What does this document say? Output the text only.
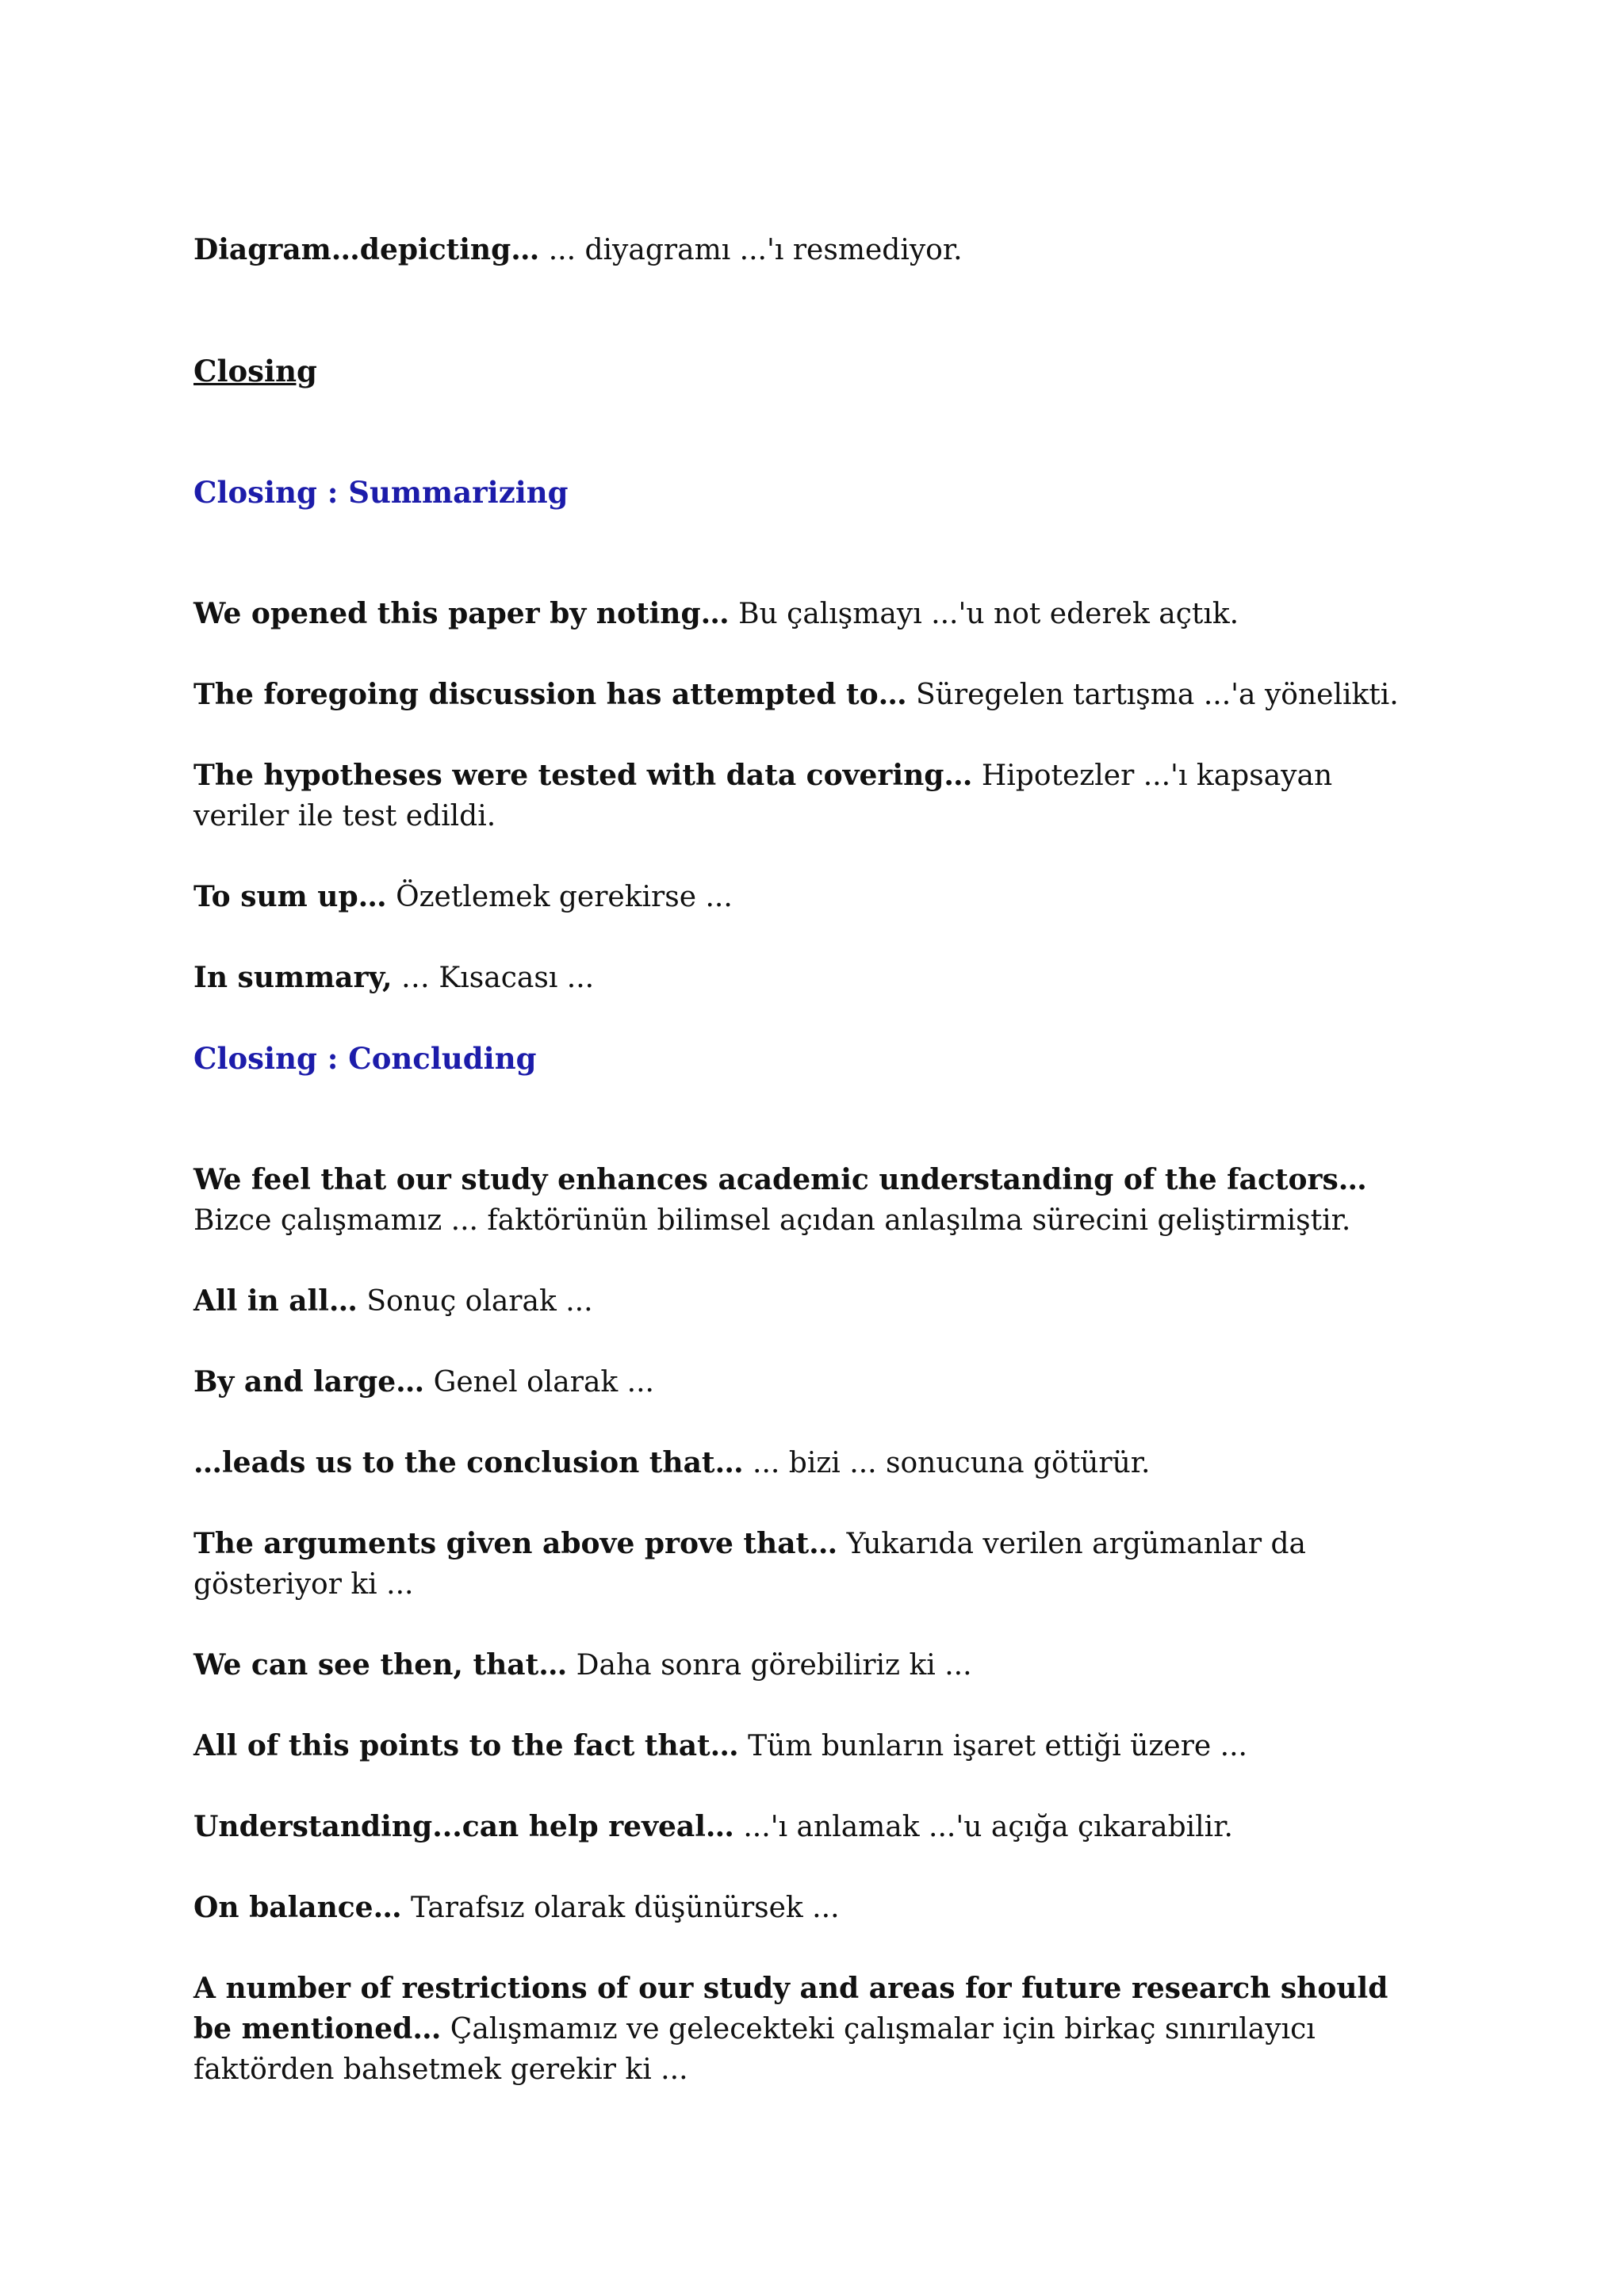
Diagram…depicting… ... diyagramı ...'ı resmediyor.

Closing

Closing : Summarizing

We opened this paper by noting… Bu çalışmayı ...'u not ederek açtık.

The foregoing discussion has attempted to… Süregelen tartışma ...'a yönelikti.

The hypotheses were tested with data covering… Hipotezler ...'ı kapsayan veriler ile test edildi.

To sum up… Özetlemek gerekirse ...

In summary, … Kısacası ...

Closing : Concluding

We feel that our study enhances academic understanding of the factors… Bizce çalışmamız ... faktörünün bilimsel açıdan anlaşılma sürecini geliştirmiştir.

All in all… Sonuç olarak ...

By and large… Genel olarak ...

…leads us to the conclusion that… ... bizi ... sonucuna götürür.

The arguments given above prove that… Yukarıda verilen argümanlar da gösteriyor ki ...

We can see then, that… Daha sonra görebiliriz ki ...

All of this points to the fact that… Tüm bunların işaret ettiği üzere ...

Understanding...can help reveal… ...'ı anlamak ...'u açığa çıkarabilir.

On balance… Tarafsız olarak düşünürsek ...

A number of restrictions of our study and areas for future research should be mentioned… Çalışmamız ve gelecekteki çalışmalar için birkaç sınırılayıcı faktörden bahsetmek gerekir ki ...
